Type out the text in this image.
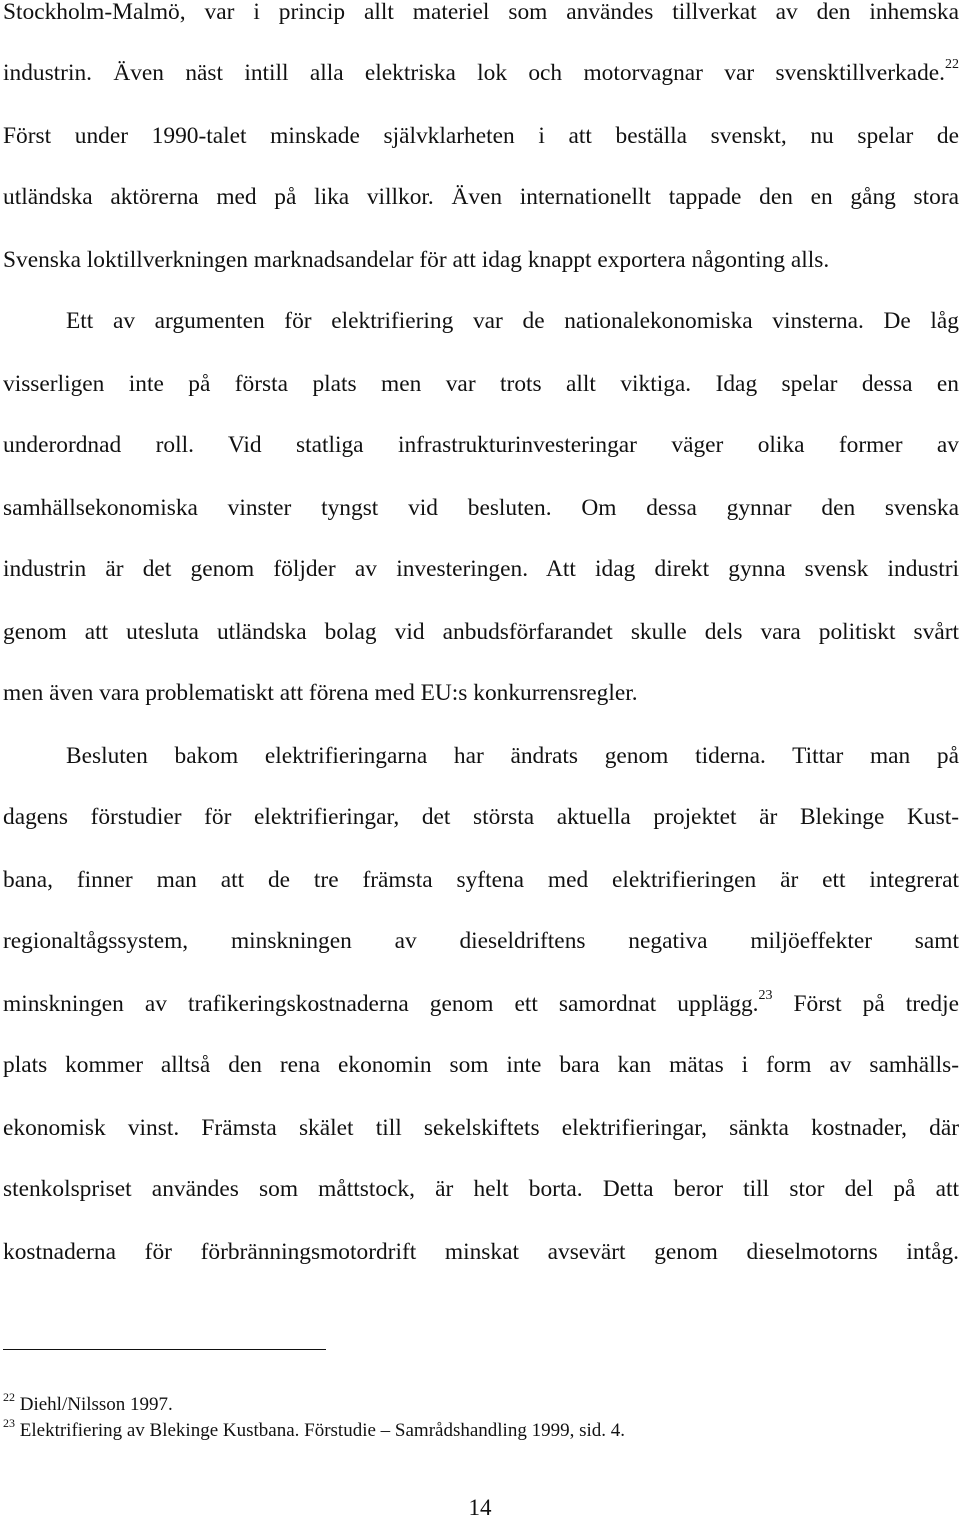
Stockholm-Malmö, var i princip allt materiel som användes tillverkat av den inhemska
industrin. Även näst intill alla elektriska lok och motorvagnar var svensktillverkade.$^{22}$
Först under 1990-talet minskade självklarheten i att beställa svenskt, nu spelar de
utländska aktörerna med på lika villkor. Även internationellt tappade den en gång stora
Svenska loktillverkningen marknadsandelar för att idag knappt exportera någonting alls.
Ett av argumenten för elektrifiering var de nationalekonomiska vinsterna. De låg
visserligen inte på första plats men var trots allt viktiga. Idag spelar dessa en
underordnad roll. Vid statliga infrastrukturinvesteringar väger olika former av
samhällsekonomiska vinster tyngst vid besluten. Om dessa gynnar den svenska
industrin är det genom följder av investeringen. Att idag direkt gynna svensk industri
genom att utesluta utländska bolag vid anbudsförfarandet skulle dels vara politiskt svårt
men även vara problematiskt att förena med EU:s konkurrensregler.
Besluten bakom elektrifieringarna har ändrats genom tiderna. Tittar man på
dagens förstudier för elektrifieringar, det största aktuella projektet är Blekinge Kust-
bana, finner man att de tre främsta syftena med elektrifieringen är ett integrerat
regionaltågssystem, minskningen av dieseldriftens negativa miljöeffekter samt
minskningen av trafikeringskostnaderna genom ett samordnat upplägg.$^{23}$ Först på tredje
plats kommer alltså den rena ekonomin som inte bara kan mätas i form av samhälls-
ekonomisk vinst. Främsta skälet till sekelskiftets elektrifieringar, sänkta kostnader, där
stenkolspriset användes som måttstock, är helt borta. Detta beror till stor del på att
kostnaderna för förbränningsmotordrift minskat avsevärt genom dieselmotorns intåg.
$^{22}$ Diehl/Nilsson 1997.
$^{23}$ Elektrifiering av Blekinge Kustbana. Förstudie – Samrådshandling 1999, sid. 4.
14
